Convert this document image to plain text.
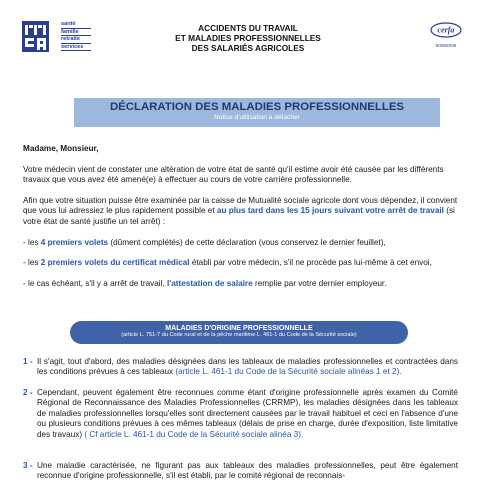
santé
famille
retraite
services
ACCIDENTS DU TRAVAIL
ET MALADIES PROFESSIONNELLES
DES SALARIÉS AGRICOLES
cerfa
50055#06
DÉCLARATION DES MALADIES PROFESSIONNELLES
Notice d'utilisation à détacher
Madame, Monsieur,
Votre médecin vient de constater une altération de votre état de santé qu'il estime avoir été causée par les différents travaux que vous avez été amené(e) à effectuer au cours de votre carrière professionnelle.
Afin que votre situation puisse être examinée par la caisse de Mutualité sociale agricole dont vous dépendez, il convient que vous lui adressiez le plus rapidement possible et au plus tard dans les 15 jours suivant votre arrêt de travail (si votre état de santé justifie un tel arrêt) :
- les 4 premiers volets (dûment complétés) de cette déclaration (vous conservez le dernier feuillet),
- les 2 premiers volets du certificat médical établi par votre médecin, s'il ne procède pas lui-même à cet envoi,
- le cas échéant, s'il y a arrêt de travail, l'attestation de salaire remplie par votre dernier employeur.
MALADIES D'ORIGINE PROFESSIONNELLE
(article L. 751-7 du Code rural et de la pêche maritime L. 461-1 du Code de la Sécurité sociale)
1 - Il s'agit, tout d'abord, des maladies désignées dans les tableaux de maladies professionnelles et contractées dans les conditions prévues à ces tableaux (article L. 461-1 du Code de la Sécurité sociale alinéas 1 et 2).
2 - Cependant, peuvent également être reconnues comme étant d'origine professionnelle après examen du Comité Régional de Reconnaissance des Maladies Professionnelles (CRRMP), les maladies désignées dans les tableaux de maladies professionnelles lorsqu'elles sont directement causées par le travail habituel et ceci en l'absence d'une ou plusieurs conditions prévues à ces mêmes tableaux (délais de prise en charge, durée d'exposition, liste limitative des travaux) ( Cf article L. 461-1 du Code de la Sécurité sociale alinéa 3).
3 - Une maladie caractérisée, ne figurant pas aux tableaux des maladies professionnelles, peut être également reconnue d'origine professionnelle, s'il est établi, par le comité régional de reconnais-
